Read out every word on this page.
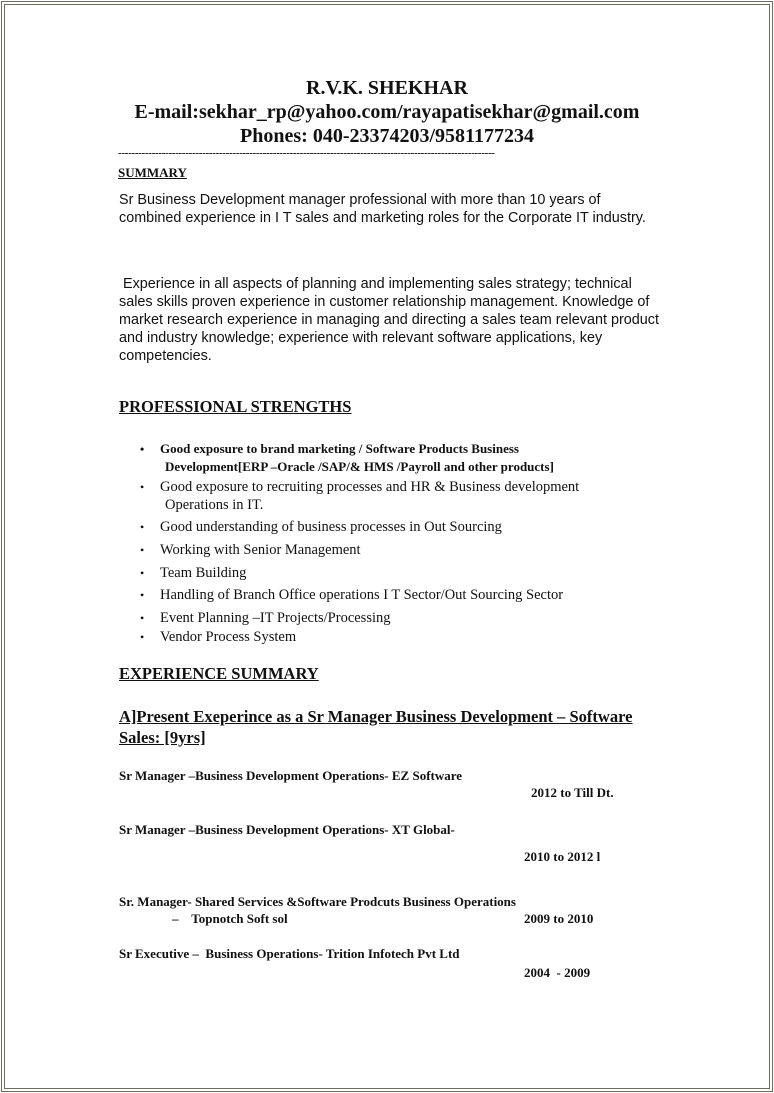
R.V.K. SHEKHAR
E-mail:sekhar_rp@yahoo.com/rayapatisekhar@gmail.com
Phones: 040-23374203/9581177234
----------------------------------------------------------------------------------------------------------------
SUMMARY
Sr Business Development manager professional with more than 10 years of combined experience in I T sales and marketing roles for the Corporate IT industry.
Experience in all aspects of planning and implementing sales strategy; technical sales skills proven experience in customer relationship management. Knowledge of market research experience in managing and directing a sales team relevant product and industry knowledge; experience with relevant software applications, key competencies.
PROFESSIONAL STRENGTHS
•	Good exposure to brand marketing / Software Products Business
Development[ERP –Oracle /SAP/& HMS /Payroll and other products]
•	Good exposure to recruiting processes and HR & Business development
Operations in IT.
•	Good understanding of business processes in Out Sourcing
•	Working with Senior Management
•	Team Building
•	Handling of Branch Office operations I T Sector/Out Sourcing Sector
•	Event Planning –IT Projects/Processing
•	Vendor Process System
EXPERIENCE SUMMARY
A]Present Exeperince as a Sr Manager Business Development – Software Sales: [9yrs]
Sr Manager –Business Development Operations- EZ Software
2012 to Till Dt.
Sr Manager –Business Development Operations- XT Global-
2010 to 2012 l
Sr. Manager- Shared Services &Software Prodcuts Business Operations
–    Topnotch Soft sol	2009 to 2010
Sr Executive –  Business Operations- Trition Infotech Pvt Ltd
2004  - 2009
